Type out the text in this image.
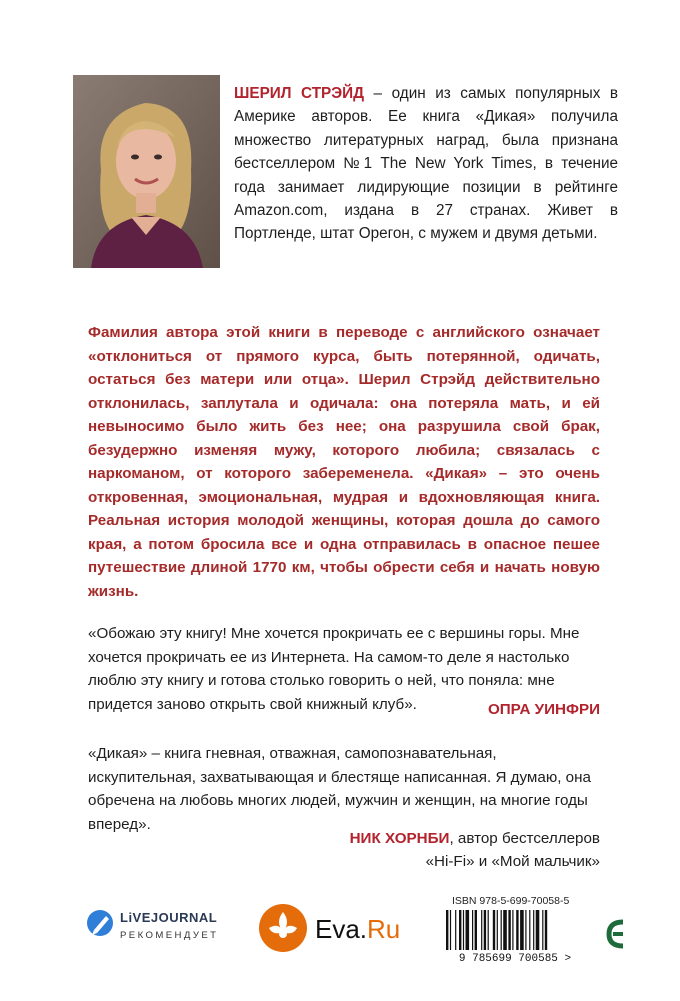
ШЕРИЛ СТРЭЙД – один из самых популярных в Америке авторов. Ее книга «Дикая» получила множество литературных наград, была признана бестселлером №1 The New York Times, в течение года занимает лидирующие позиции в рейтинге Amazon.com, издана в 27 странах. Живет в Портленде, штат Орегон, с мужем и двумя детьми.
Фамилия автора этой книги в переводе с английского означает «отклониться от прямого курса, быть потерянной, одичать, остаться без матери или отца». Шерил Стрэйд действительно отклонилась, заплутала и одичала: она потеряла мать, и ей невыносимо было жить без нее; она разрушила свой брак, безудержно изменяя мужу, которого любила; связалась с наркоманом, от которого забеременела. «Дикая» – это очень откровенная, эмоциональная, мудрая и вдохновляющая книга. Реальная история молодой женщины, которая дошла до самого края, а потом бросила все и одна отправилась в опасное пешее путешествие длиной 1770 км, чтобы обрести себя и начать новую жизнь.
«Обожаю эту книгу! Мне хочется прокричать ее с вершины горы. Мне хочется прокричать ее из Интернета. На самом-то деле я настолько люблю эту книгу и готова столько говорить о ней, что поняла: мне придется заново открыть свой книжный клуб».	ОПРА УИНФРИ
«Дикая» – книга гневная, отважная, самопознавательная, искупительная, захватывающая и блестяще написанная. Я думаю, она обречена на любовь многих людей, мужчин и женщин, на многие годы вперед».
НИК ХОРНБИ, автор бестселлеров
«Hi-Fi» и «Мой мальчик»
LiVEJOURNAL
РЕКОМЕНДУЕТ	Eva.Ru
ISBN 978-5-699-70058-5
9 785699 700585 >
